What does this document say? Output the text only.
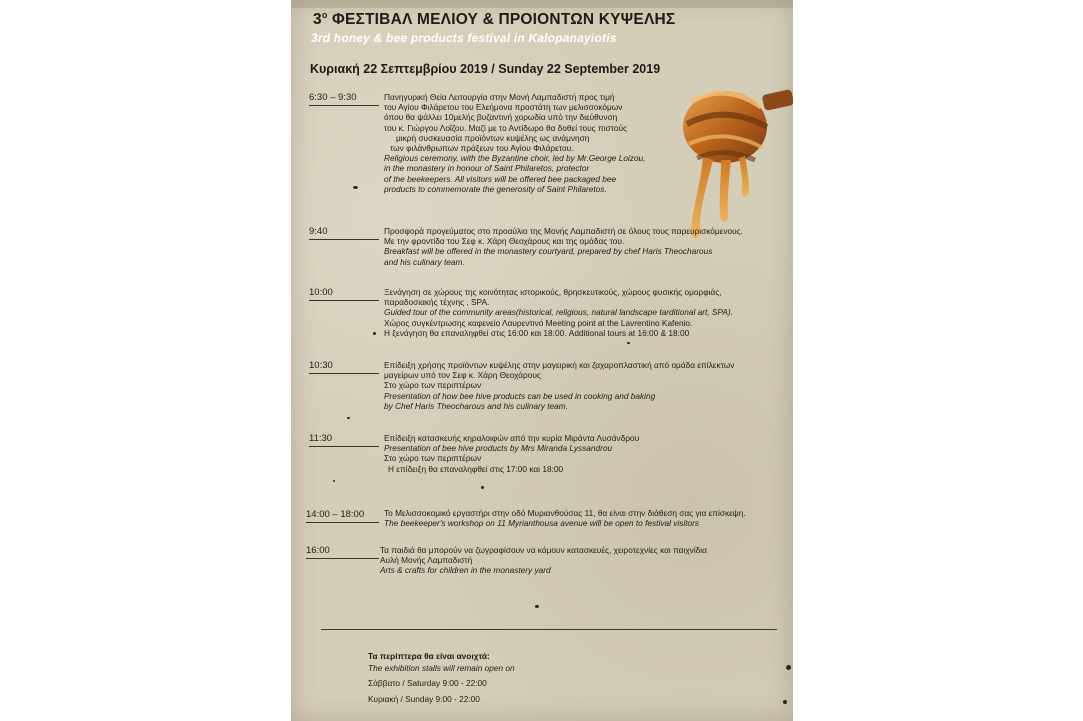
$3^o$ ΦΕΣΤΙΒΑΛ ΜΕΛΙΟΥ & ΠΡΟΙΟΝΤΩΝ ΚΥΨΕΛΗΣ
3rd honey & bee products festival in Kalopanayiotis
Κυριακή 22 Σεπτεμβρίου 2019 / Sunday 22 September 2019
6:30 – 9:30	Πανηγυρική Θεία Λειτουργία στην Μονή Λαμπαδιστή προς τιμή
του Αγίου Φιλάρετου του Ελεήμονα προστάτη των μελισσοκόμων
όπου θα ψάλλει 10μελής βυζαντινή χορωδία υπό την διεύθυνση
του κ. Γιώργου Λοΐζου. Μαζί με το Αντίδωρο θα δοθεί τους πιστούς
μικρή συσκευασία προϊόντων κυψέλης ως ανάμνηση
των φιλάνθρωπων πράξεων του Αγίου Φιλάρετου.
Religious ceremony, with the Byzantine choir, led by Mr.George Loizou,
in the monastery in honour of Saint Philaretos, protector
of the beekeepers. All visitors will be offered bee packaged bee
products to commemorate the generosity of Saint Philaretos.
9:40	Προσφορά προγεύματος στο προαύλιο της Μονής Λαμπαδιστή σε όλους τους παρευρισκόμενους.
Με την φροντίδα του Σεφ κ. Χάρη Θεοχάρους και της ομάδας του.
Breakfast will be offered in the monastery courtyard, prepared by chef Haris Theocharous
and his culinary team.
10:00	Ξενάγηση σε χώρους της κοινότητας ιστορικούς, θρησκευτικούς, χώρους φυσικής ομορφιάς,
παραδοσιακής τέχνης , SPA.
Guided tour of the community areas(historical, religious, natural landscape tarditional art, SPA).
Χώρος συγκέντρωσης καφενείο Λαυρεντινό Meeting point at the Lavrentino Kafenio.
Η ξενάγηση θα επαναληφθεί στις 16:00 και 18:00. Additional tours at 16:00 & 18:00
10:30	Επίδειξη χρήσης προϊόντων κυψέλης στην μαγειρική και ζαχαροπλαστική από ομάδα επίλεκτων
μαγείρων υπό τον Σεφ κ. Χάρη Θεοχάρους
Στο χώρο των περιπτέρων
Presentation of how bee hive products can be used in cooking and baking
by Chef Haris Theocharous and his culinary team.
11:30	Επίδειξη κατασκευής κηραλοιφών από την κυρία Μιράντα Λυσάνδρου
Presentation of bee hive products by Mrs Miranda Lyssandrou
Στο χώρο των περιπτέρων
Η επίδειξη θα επαναληφθεί στις 17:00 και 18:00
14:00 – 18:00	Το Μελισσοκομικό εργαστήρι στην οδό Μυριανθούσας 11, θα είναι στην διάθεση σας για επίσκεψη.
The beekeeper's workshop on 11 Myrianthousa avenue will be open to festival visitors
16:00	Τα παιδιά θα μπορούν να ζωγραφίσουν να κάμουν κατασκευές, χειροτεχνίες και παιχνίδια
Αυλή Μονής Λαμπαδιστή
Arts & crafts for children in the monastery yard
Τα περίπτερα θα είναι ανοιχτά:
The exhibition stalls will remain open on
Σάββατο / Saturday 9:00 - 22:00
Κυριακή / Sunday 9:00 - 22:00
